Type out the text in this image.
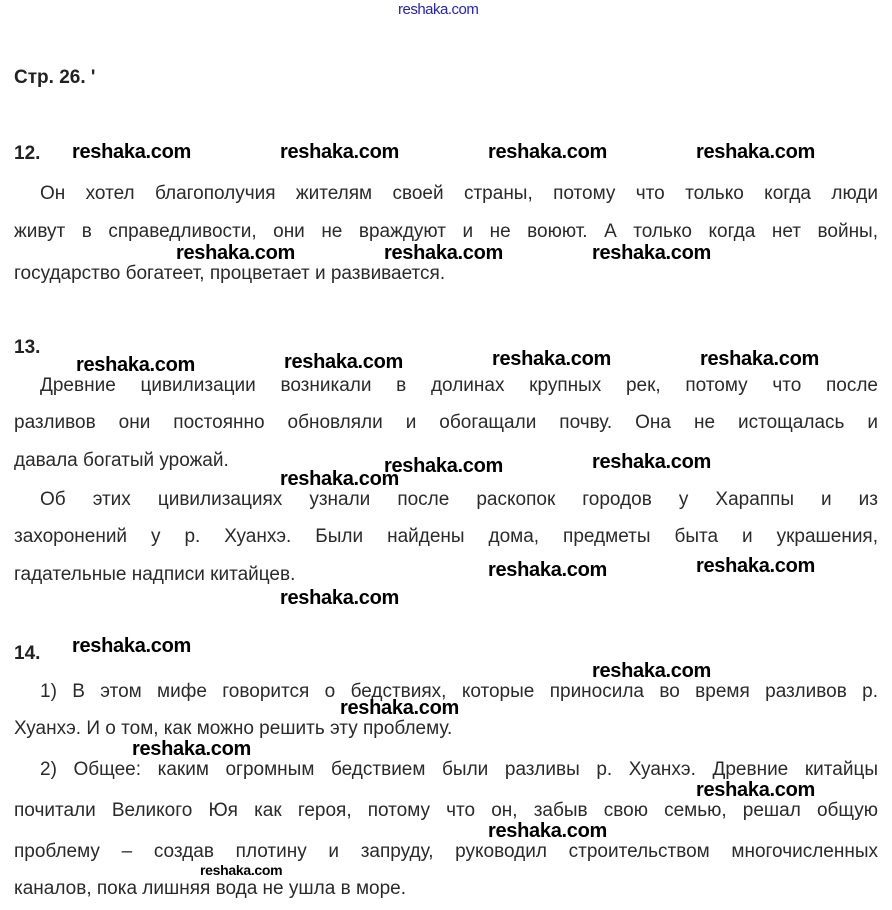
reshaka.com
Стр. 26. '
12.
Он хотел благополучия жителям своей страны, потому что только когда люди
живут в справедливости, они не враждуют и не воюют. А только когда нет войны,
государство богатеет, процветает и развивается.
13.
Древние цивилизации возникали в долинах крупных рек, потому что после
разливов они постоянно обновляли и обогащали почву. Она не истощалась и
давала богатый урожай.
Об этих цивилизациях узнали после раскопок городов у Хараппы и из
захоронений у р. Хуанхэ. Были найдены дома, предметы быта и украшения,
гадательные надписи китайцев.
14.
1) В этом мифе говорится о бедствиях, которые приносила во время разливов р.
Хуанхэ. И о том, как можно решить эту проблему.
2) Общее: каким огромным бедствием были разливы р. Хуанхэ. Древние китайцы
почитали Великого Юя как героя, потому что он, забыв свою семью, решал общую
проблему – создав плотину и запруду, руководил строительством многочисленных
каналов, пока лишняя вода не ушла в море.
reshaka.com	reshaka.com	reshaka.com	reshaka.com
reshaka.com	reshaka.com	reshaka.com
reshaka.com	reshaka.com	reshaka.com	reshaka.com
reshaka.com	reshaka.com
reshaka.com
reshaka.com	reshaka.com
reshaka.com
reshaka.com
reshaka.com
reshaka.com
reshaka.com
reshaka.com
reshaka.com
reshaka.com
